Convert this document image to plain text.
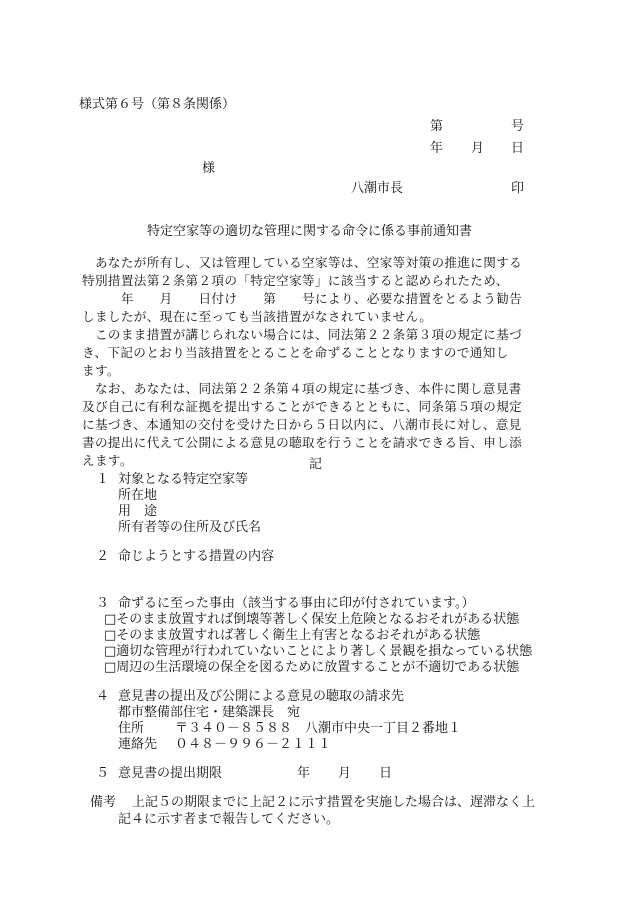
様式第６号（第８条関係）
第	号
年 月 日
様
八潮市長	印
特定空家等の適切な管理に関する命令に係る事前通知書
　あなたが所有し、又は管理している空家等は、空家等対策の推進に関する
特別措置法第２条第２項の「特定空家等」に該当すると認められたため、
　　　年　　月　　日付け　　第　　号により、必要な措置をとるよう勧告
しましたが、現在に至っても当該措置がなされていません。
　このまま措置が講じられない場合には、同法第２２条第３項の規定に基づ
き、下記のとおり当該措置をとることを命ずることとなりますので通知し
ます。
　なお、あなたは、同法第２２条第４項の規定に基づき、本件に関し意見書
及び自己に有利な証拠を提出することができるとともに、同条第５項の規定
に基づき、本通知の交付を受けた日から５日以内に、八潮市長に対し、意見
書の提出に代えて公開による意見の聴取を行うことを請求できる旨、申し添
えます。	記
１ 対象となる特定空家等
所在地
用　途
所有者等の住所及び氏名
２ 命じようとする措置の内容
３ 命ずるに至った事由（該当する事由に印が付されています。）
□そのまま放置すれば倒壊等著しく保安上危険となるおそれがある状態
□そのまま放置すれば著しく衛生上有害となるおそれがある状態
□適切な管理が行われていないことにより著しく景観を損なっている状態
□周辺の生活環境の保全を図るために放置することが不適切である状態
４ 意見書の提出及び公開による意見の聴取の請求先
都市整備部住宅・建築課長　宛
住所 〒３４０－８５８８　八潮市中央一丁目２番地１
連絡先 ０４８－９９６－２１１１
５ 意見書の提出期限	年 月 日
備考 上記５の期限までに上記２に示す措置を実施した場合は、遅滞なく上
記４に示す者まで報告してください。
